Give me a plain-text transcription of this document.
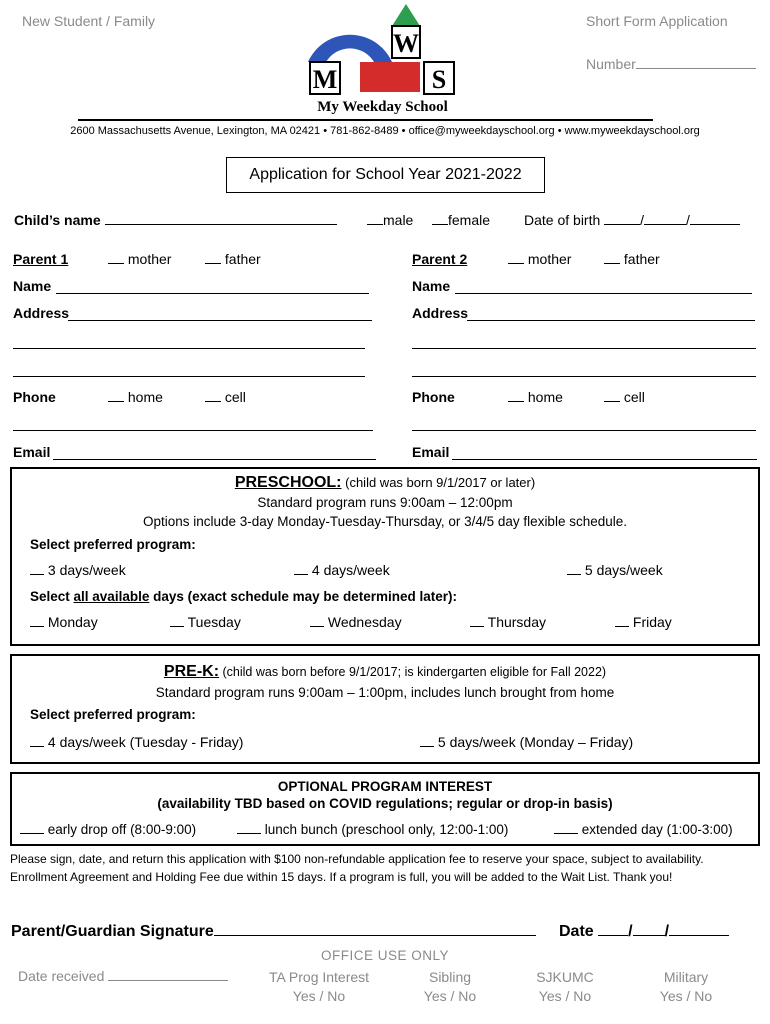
New Student / Family	Short Form Application
Number
W
M	S
My Weekday School
2600 Massachusetts Avenue, Lexington, MA 02421 • 781-862-8489 • office@myweekdayschool.org • www.myweekdayschool.org
Application for School Year 2021-2022
Child’s name	male	female Date of birth	/	/
Parent 1	mother	father
Name
Address
Phone	home	cell
Email
Parent 2	mother	father
Name
Address
Phone	home	cell
Email
PRESCHOOL: (child was born 9/1/2017 or later)
Standard program runs 9:00am – 12:00pm
Options include 3-day Monday-Tuesday-Thursday, or 3/4/5 day flexible schedule.
Select preferred program:
3 days/week	4 days/week	5 days/week
Select all available days (exact schedule may be determined later):
Monday	Tuesday	Wednesday	Thursday	Friday
PRE-K: (child was born before 9/1/2017; is kindergarten eligible for Fall 2022)
Standard program runs 9:00am – 1:00pm, includes lunch brought from home
Select preferred program:
4 days/week (Tuesday - Friday)	5 days/week (Monday – Friday)
OPTIONAL PROGRAM INTEREST
(availability TBD based on COVID regulations; regular or drop-in basis)
early drop off (8:00-9:00)	lunch bunch (preschool only, 12:00-1:00)	extended day (1:00-3:00)
Please sign, date, and return this application with $100 non-refundable application fee to reserve your space, subject to availability. Enrollment Agreement and Holding Fee due within 15 days. If a program is full, you will be added to the Wait List. Thank you!
Parent/Guardian Signature	Date / /
OFFICE USE ONLY
Date received	TA Prog Interest
Yes / No
Sibling
Yes / No
SJKUMC
Yes / No
Military
Yes / No
